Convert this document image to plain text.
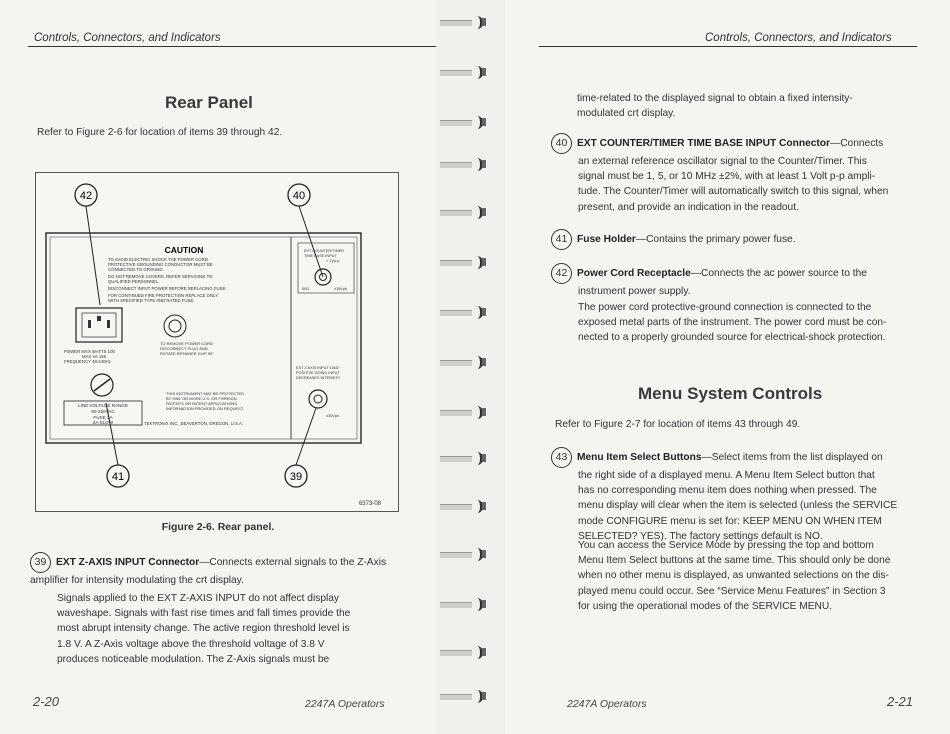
Controls, Connectors, and Indicators
Rear Panel
Refer to Figure 2-6 for location of items 39 through 42.
42	40
41	39
CAUTION
TO AVOID ELECTRIC SHOCK THE POWER CORD
PROTECTIVE GROUNDING CONDUCTOR MUST BE
CONNECTED TO GROUND.
DO NOT REMOVE COVERS. REFER SERVICING TO
QUALIFIED PERSONNEL.
DISCONNECT INPUT POWER BEFORE REPLACING FUSE.
FOR CONTINUED FIRE PROTECTION REPLACE ONLY
WITH SPECIFIED TYPE AND RATED FUSE.
POWER MAX WATTS 100
MAX VA 155
FREQUENCY 48-440Hz
TO REMOVE POWER CORD
DISCONNECT PLUG AND
ROTATE RETAINER CLIP 90°
LINE VOLTAGE RANGE
90-250VAC
FUSE 2A
2A SLOW
THIS INSTRUMENT MAY BE PROTECTED
BY ONE OR MORE U.S. OR FOREIGN
PATENTS OR PATENT APPLICATIONS.
INFORMATION PROVIDED ON REQUEST.
TEKTRONIX INC., BEAVERTON, OREGON, U.S.A.
EXT COUNTER/TIMER
TIME BASE INPUT
< 1Vp-p
50Ω	±15Vpk
EXT Z AXIS INPUT 10kΩ
POSITIVE GOING INPUT
DECREASES INTENSITY
±30Vpk
6373-08
Figure 2-6. Rear panel.
39 EXT Z-AXIS INPUT Connector—Connects external signals to the Z-Axis amplifier for intensity modulating the crt display.
Signals applied to the EXT Z-AXIS INPUT do not affect display
waveshape. Signals with fast rise times and fall times provide the
most abrupt intensity change. The active region threshold level is
1.8 V. A Z-Axis voltage above the threshold voltage of 3.8 V
produces noticeable modulation. The Z-Axis signals must be
2-20	2247A Operators
Controls, Connectors, and Indicators
time-related to the displayed signal to obtain a fixed intensity-
modulated crt display.
40 EXT COUNTER/TIMER TIME BASE INPUT Connector—Connects
an external reference oscillator signal to the Counter/Timer. This
signal must be 1, 5, or 10 MHz ±2%, with at least 1 Volt p-p ampli-
tude. The Counter/Timer will automatically switch to this signal, when
present, and provide an indication in the readout.
41 Fuse Holder—Contains the primary power fuse.
42 Power Cord Receptacle—Connects the ac power source to the
instrument power supply.
The power cord protective-ground connection is connected to the
exposed metal parts of the instrument. The power cord must be con-
nected to a properly grounded source for electrical-shock protection.
Menu System Controls
Refer to Figure 2-7 for location of items 43 through 49.
43 Menu Item Select Buttons—Select items from the list displayed on
the right side of a displayed menu. A Menu Item Select button that
has no corresponding menu item does nothing when pressed. The
menu display will clear when the item is selected (unless the SERVICE
mode CONFIGURE menu is set for: KEEP MENU ON WHEN ITEM
SELECTED? YES). The factory settings default is NO.
You can access the Service Mode by pressing the top and bottom
Menu Item Select buttons at the same time. This should only be done
when no other menu is displayed, as unwanted selections on the dis-
played menu could occur. See “Service Menu Features” in Section 3
for using the operational modes of the SERVICE MENU.
2247A Operators	2-21
